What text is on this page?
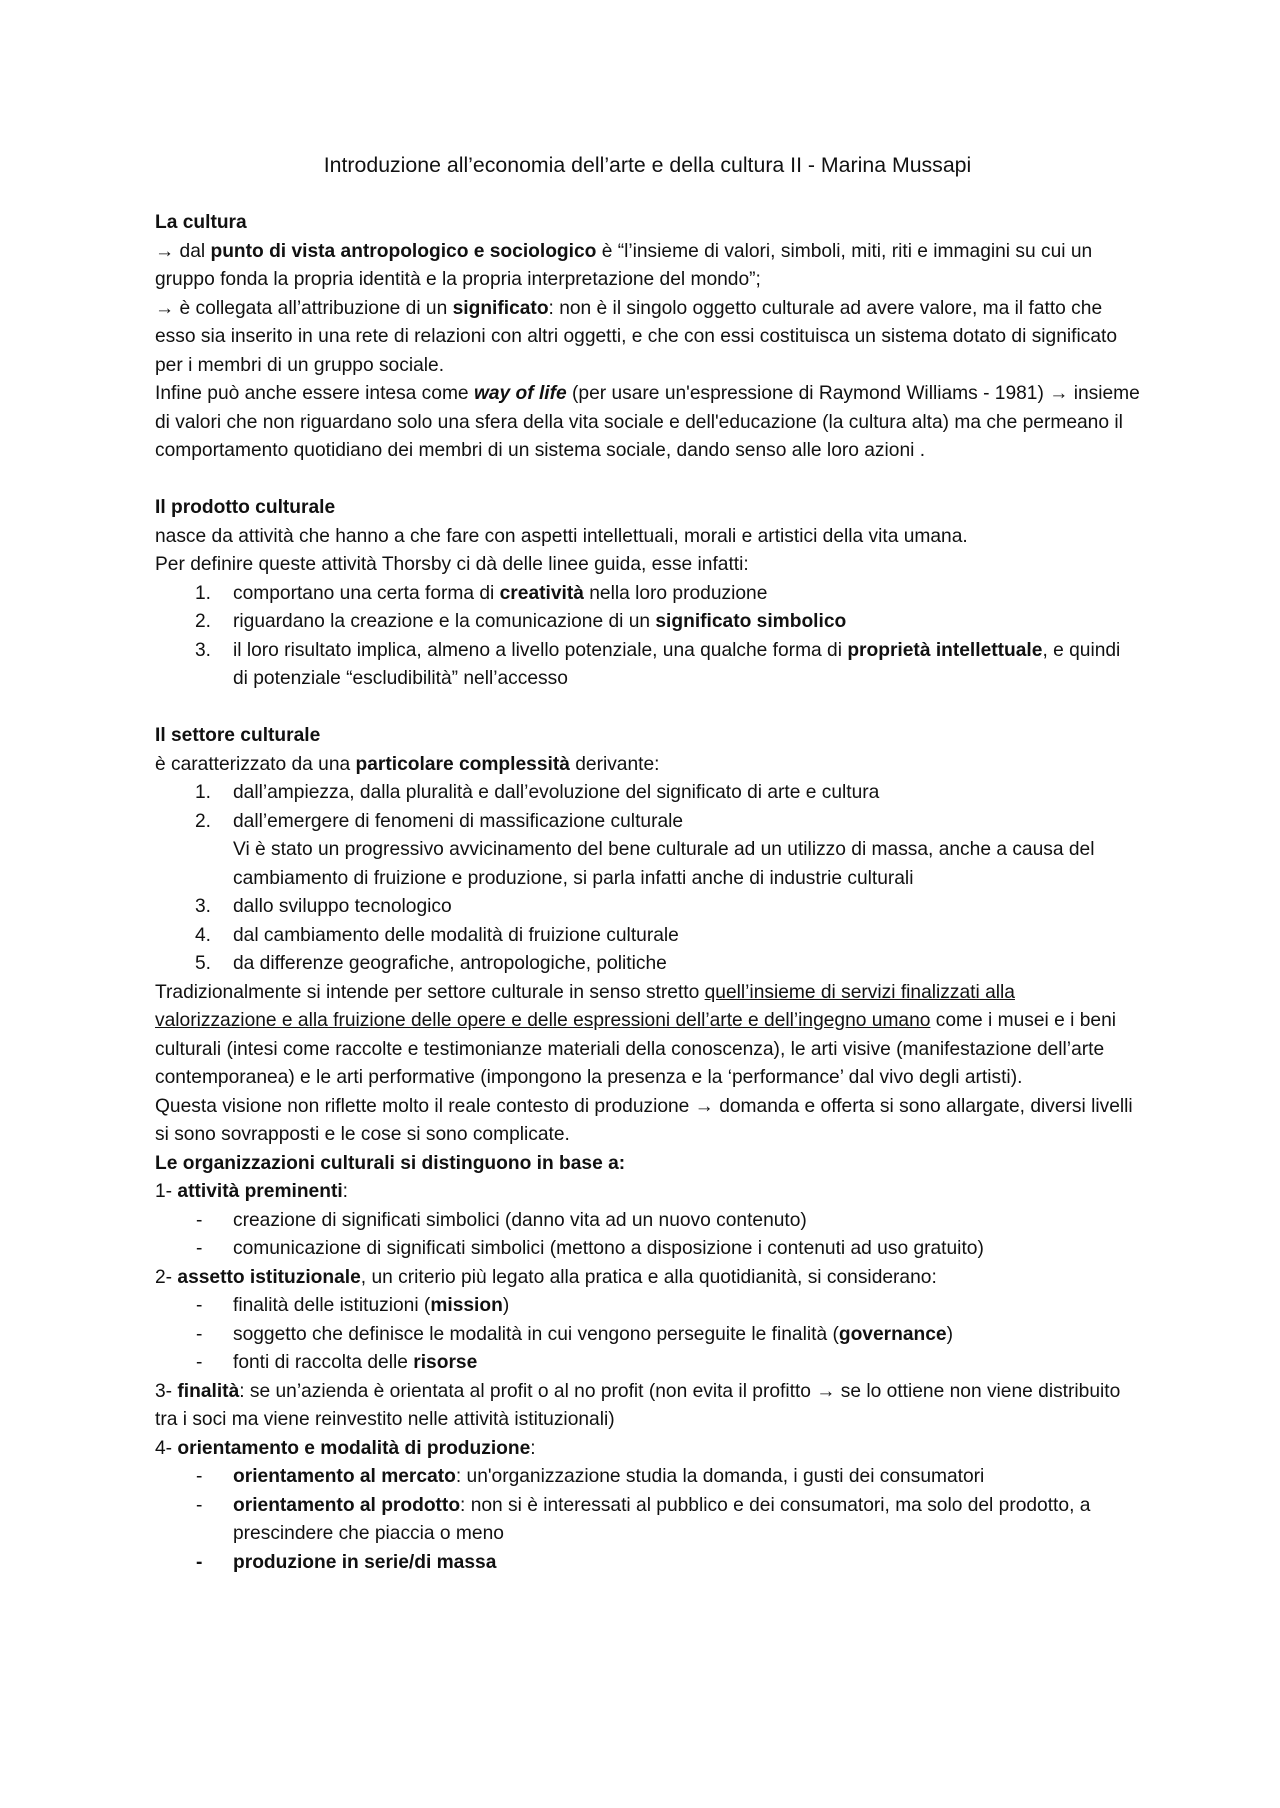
Introduzione all’economia dell’arte e della cultura II - Marina Mussapi
La cultura

→ dal punto di vista antropologico e sociologico è “l’insieme di valori, simboli, miti, riti e immagini su cui un gruppo fonda la propria identità e la propria interpretazione del mondo”;

→ è collegata all’attribuzione di un significato: non è il singolo oggetto culturale ad avere valore, ma il fatto che esso sia inserito in una rete di relazioni con altri oggetti, e che con essi costituisca un sistema dotato di significato per i membri di un gruppo sociale.

Infine può anche essere intesa come way of life (per usare un'espressione di Raymond Williams - 1981) → insieme di valori che non riguardano solo una sfera della vita sociale e dell'educazione (la cultura alta) ma che permeano il comportamento quotidiano dei membri di un sistema sociale, dando senso alle loro azioni .

Il prodotto culturale

nasce da attività che hanno a che fare con aspetti intellettuali, morali e artistici della vita umana.

Per definire queste attività Thorsby ci dà delle linee guida, esse infatti:

1. comportano una certa forma di creatività nella loro produzione
2. riguardano la creazione e la comunicazione di un significato simbolico
3. il loro risultato implica, almeno a livello potenziale, una qualche forma di proprietà intellettuale, e quindi di potenziale “escludibilità” nell’accesso
Il settore culturale

è caratterizzato da una particolare complessità derivante:

1. dall’ampiezza, dalla pluralità e dall’evoluzione del significato di arte e cultura
2. dall’emergere di fenomeni di massificazione culturale
Vi è stato un progressivo avvicinamento del bene culturale ad un utilizzo di massa, anche a causa del cambiamento di fruizione e produzione, si parla infatti anche di industrie culturali
3. dallo sviluppo tecnologico
4. dal cambiamento delle modalità di fruizione culturale
5. da differenze geografiche, antropologiche, politiche

Tradizionalmente si intende per settore culturale in senso stretto quell’insieme di servizi finalizzati alla valorizzazione e alla fruizione delle opere e delle espressioni dell’arte e dell’ingegno umano come i musei e i beni culturali (intesi come raccolte e testimonianze materiali della conoscenza), le arti visive (manifestazione dell’arte contemporanea) e le arti performative (impongono la presenza e la ‘performance’ dal vivo degli artisti).

Questa visione non riflette molto il reale contesto di produzione → domanda e offerta si sono allargate, diversi livelli si sono sovrapposti e le cose si sono complicate.

Le organizzazioni culturali si distinguono in base a:

1- attività preminenti:

- creazione di significati simbolici (danno vita ad un nuovo contenuto)
- comunicazione di significati simbolici (mettono a disposizione i contenuti ad uso gratuito)

2- assetto istituzionale, un criterio più legato alla pratica e alla quotidianità, si considerano:

- finalità delle istituzioni (mission)
- soggetto che definisce le modalità in cui vengono perseguite le finalità (governance)
- fonti di raccolta delle risorse

3- finalità: se un’azienda è orientata al profit o al no profit (non evita il profitto → se lo ottiene non viene distribuito tra i soci ma viene reinvestito nelle attività istituzionali)

4- orientamento e modalità di produzione:

- orientamento al mercato: un'organizzazione studia la domanda, i gusti dei consumatori
- orientamento al prodotto: non si è interessati al pubblico e dei consumatori, ma solo del prodotto, a prescindere che piaccia o meno
- produzione in serie/di massa
